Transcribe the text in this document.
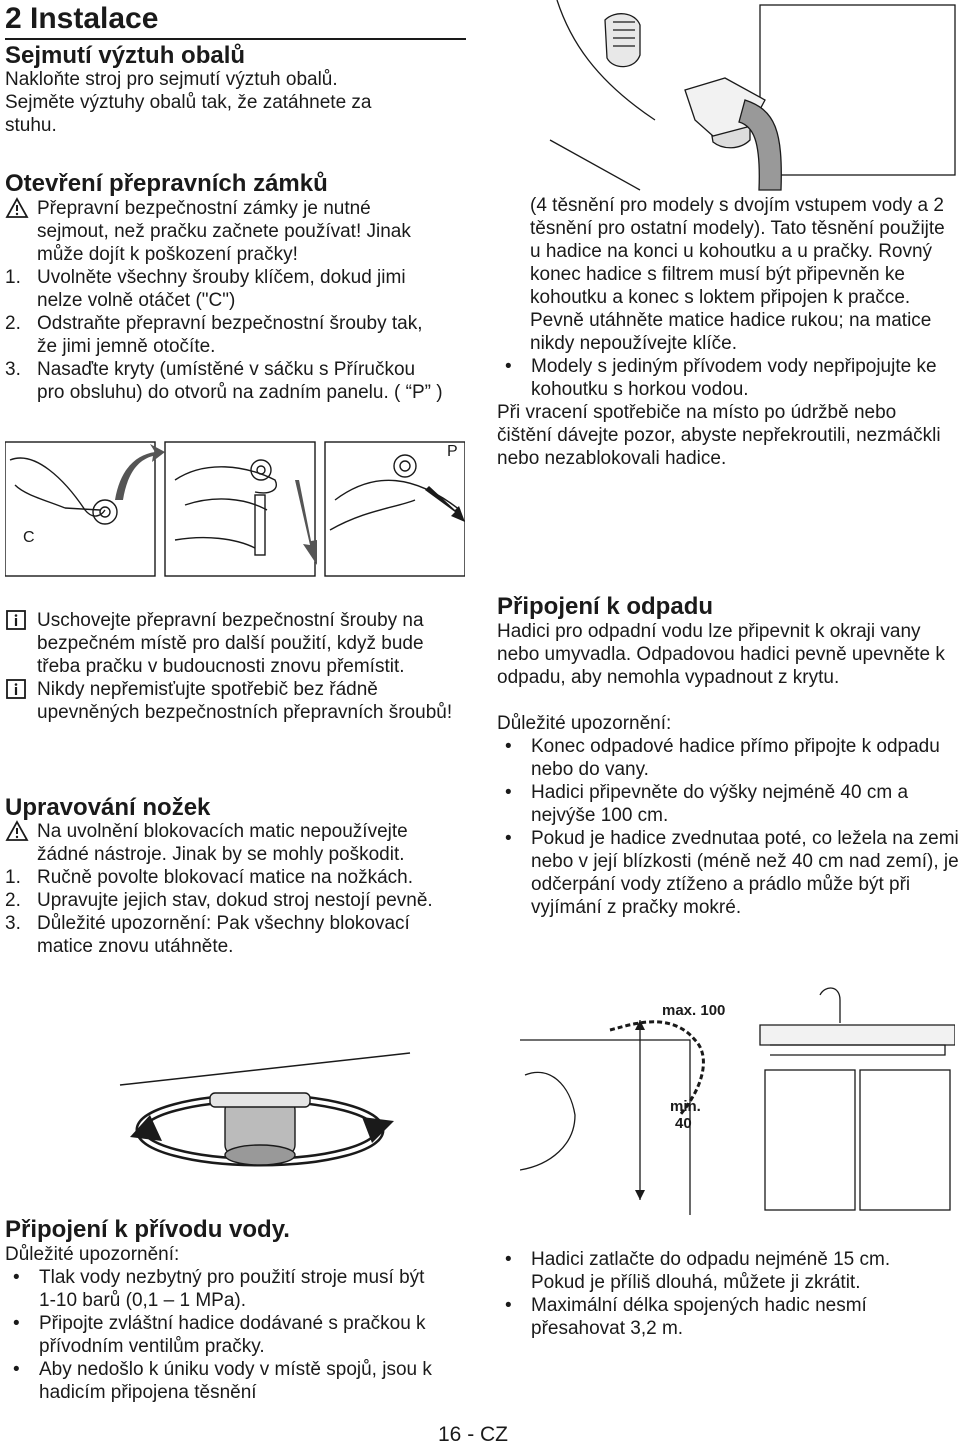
2 Instalace
Sejmutí výztuh obalů

Nakloňte stroj pro sejmutí výztuh obalů.

Sejměte výztuhy obalů tak, že zatáhnete za stuhu.

Otevření přepravních zámků
Přepravní bezpečnostní zámky je nutné sejmout, než pračku začnete používat! Jinak může dojít k poškození pračky!
1. Uvolněte všechny šrouby klíčem, dokud jimi nelze volně otáčet ("C")
2. Odstraňte přepravní bezpečnostní šrouby tak, že jimi jemně otočíte.
3. Nasaďte kryty (umístěné v sáčku s Příručkou pro obsluhu) do otvorů na zadním panelu. ( “P” )
C
P
Uschovejte přepravní bezpečnostní šrouby na bezpečném místě pro další použití, když bude třeba pračku v budoucnosti znovu přemístit.
Nikdy nepřemisťujte spotřebič bez řádně upevněných bezpečnostních přepravních šroubů!
Upravování nožek
Na uvolnění blokovacích matic nepoužívejte žádné nástroje. Jinak by se mohly poškodit.
1. Ručně povolte blokovací matice na nožkách.
2. Upravujte jejich stav, dokud stroj nestojí pevně.
3. Důležité upozornění: Pak všechny blokovací matice znovu utáhněte.
Připojení k přívodu vody.

Důležité upozornění:

• Tlak vody nezbytný pro použití stroje musí být 1-10 barů (0,1 – 1 MPa).
• Připojte zvláštní hadice dodávané s pračkou k přívodním ventilům pračky.
• Aby nedošlo k úniku vody v místě spojů, jsou k hadicím připojena těsnění
(4 těsnění pro modely s dvojím vstupem vody a 2 těsnění pro ostatní modely). Tato těsnění použijte u hadice na konci u kohoutku a u pračky. Rovný konec hadice s filtrem musí být připevněn ke kohoutku a konec s loktem připojen k pračce. Pevně utáhněte matice hadice rukou; na matice nikdy nepoužívejte klíče.
• Modely s jediným přívodem vody nepřipojujte ke kohoutku s horkou vodou.

Při vracení spotřebiče na místo po údržbě nebo čištění dávejte pozor, abyste nepřekroutili, nezmáčkli nebo nezablokovali hadice.

Připojení k odpadu

Hadici pro odpadní vodu lze připevnit k okraji vany nebo umyvadla. Odpadovou hadici pevně upevněte k odpadu, aby nemohla vypadnout z krytu.

Důležité upozornění:

• Konec odpadové hadice přímo připojte k odpadu nebo do vany.
• Hadici připevněte do výšky nejméně 40 cm a nejvýše 100 cm.
• Pokud je hadice zvednutaa poté, co ležela na zemi nebo v její blízkosti (méně než 40 cm nad zemí), je odčerpání vody ztíženo a prádlo může být při vyjímání z pračky mokré.
max. 100
min.
40
• Hadici zatlačte do odpadu nejméně 15 cm. Pokud je příliš dlouhá, můžete ji zkrátit.
• Maximální délka spojených hadic nesmí přesahovat 3,2 m.
16 - CZ
